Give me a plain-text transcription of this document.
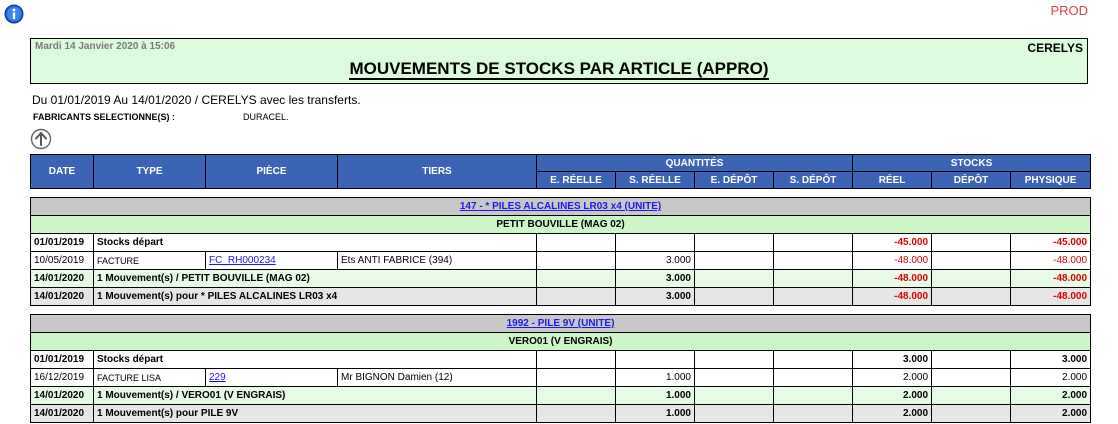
PROD
Mardi 14 Janvier 2020 à 15:06	CERELYS
MOUVEMENTS DE STOCKS PAR ARTICLE (APPRO)
Du 01/01/2019 Au 14/01/2020 / CERELYS avec les transferts.
FABRICANTS SELECTIONNE(S) :	DURACEL.
DATE	TYPE	PIÈCE	TIERS	QUANTITÉS				STOCKS		
				E. RÉELLE	S. RÉELLE	E. DÉPÔT	S. DÉPÔT	RÉEL	DÉPÔT	PHYSIQUE

147 - * PILES ALCALINES LR03 x4 (UNITE)										
PETIT BOUVILLE (MAG 02)										
01/01/2019	Stocks départ							-45.000		-45.000
10/05/2019	FACTURE	FC_RH000234	Ets ANTI FABRICE (394)		3.000			-48.000		-48.000
14/01/2020	1 Mouvement(s) / PETIT BOUVILLE (MAG 02)				3.000			-48.000		-48.000
14/01/2020	1 Mouvement(s) pour * PILES ALCALINES LR03 x4				3.000			-48.000		-48.000

1992 - PILE 9V (UNITE)										
VERO01 (V ENGRAIS)										
01/01/2019	Stocks départ							3.000		3.000
16/12/2019	FACTURE LISA	229	Mr BIGNON Damien (12)		1.000			2.000		2.000
14/01/2020	1 Mouvement(s) / VERO01 (V ENGRAIS)				1.000			2.000		2.000
14/01/2020	1 Mouvement(s) pour PILE 9V				1.000			2.000		2.000
